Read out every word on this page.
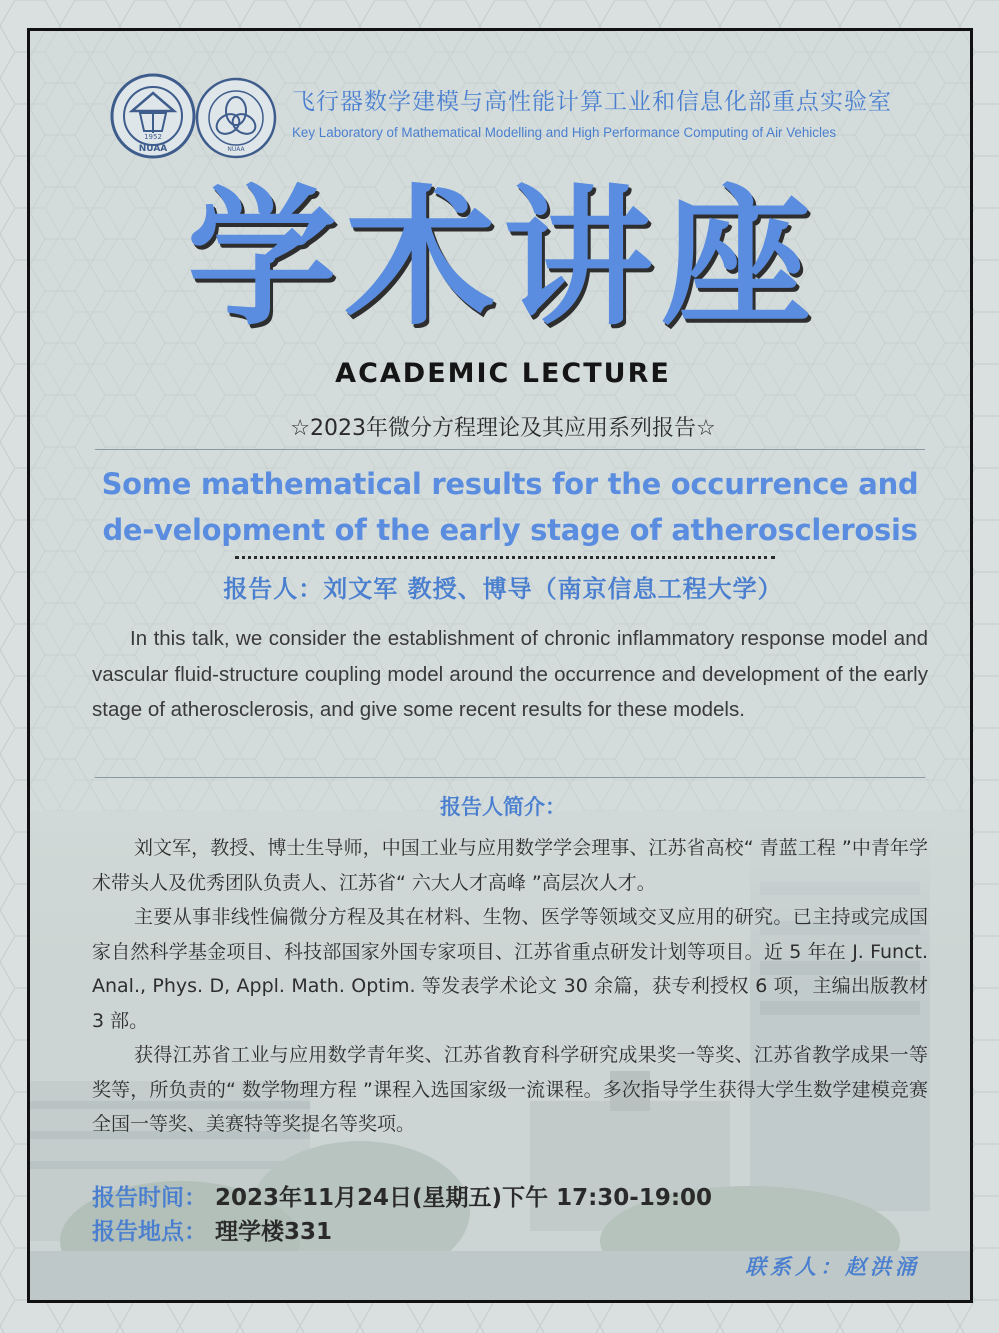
1952
NUAA	NUAA
飞行器数学建模与高性能计算工业和信息化部重点实验室
Key Laboratory of Mathematical Modelling and High Performance Computing of Air Vehicles
学术讲座
ACADEMIC LECTURE
☆2023年微分方程理论及其应用系列报告☆
Some mathematical results for the occurrence and de-velopment of the early stage of atherosclerosis
报告人：刘文军 教授、博导（南京信息工程大学）
In this talk, we consider the establishment of chronic inflammatory response model and vascular fluid-structure coupling model around the occurrence and development of the early stage of atherosclerosis, and give some recent results for these models.
报告人简介：

刘文军，教授、博士生导师，中国工业与应用数学学会理事、江苏省高校“ 青蓝工程 ”中青年学术带头人及优秀团队负责人、江苏省“ 六大人才高峰 ”高层次人才。

主要从事非线性偏微分方程及其在材料、生物、医学等领域交叉应用的研究。已主持或完成国家自然科学基金项目、科技部国家外国专家项目、江苏省重点研发计划等项目。近 5 年在 J. Funct. Anal., Phys. D, Appl. Math. Optim. 等发表学术论文 30 余篇，获专利授权 6 项，主编出版教材 3 部。

获得江苏省工业与应用数学青年奖、江苏省教育科学研究成果奖一等奖、江苏省教学成果一等奖等，所负责的“ 数学物理方程 ”课程入选国家级一流课程。多次指导学生获得大学生数学建模竞赛全国一等奖、美赛特等奖提名等奖项。

报告时间： 2023年11月24日(星期五)下午 17:30-19:00
报告地点： 理学楼331
联系人：赵洪涌
